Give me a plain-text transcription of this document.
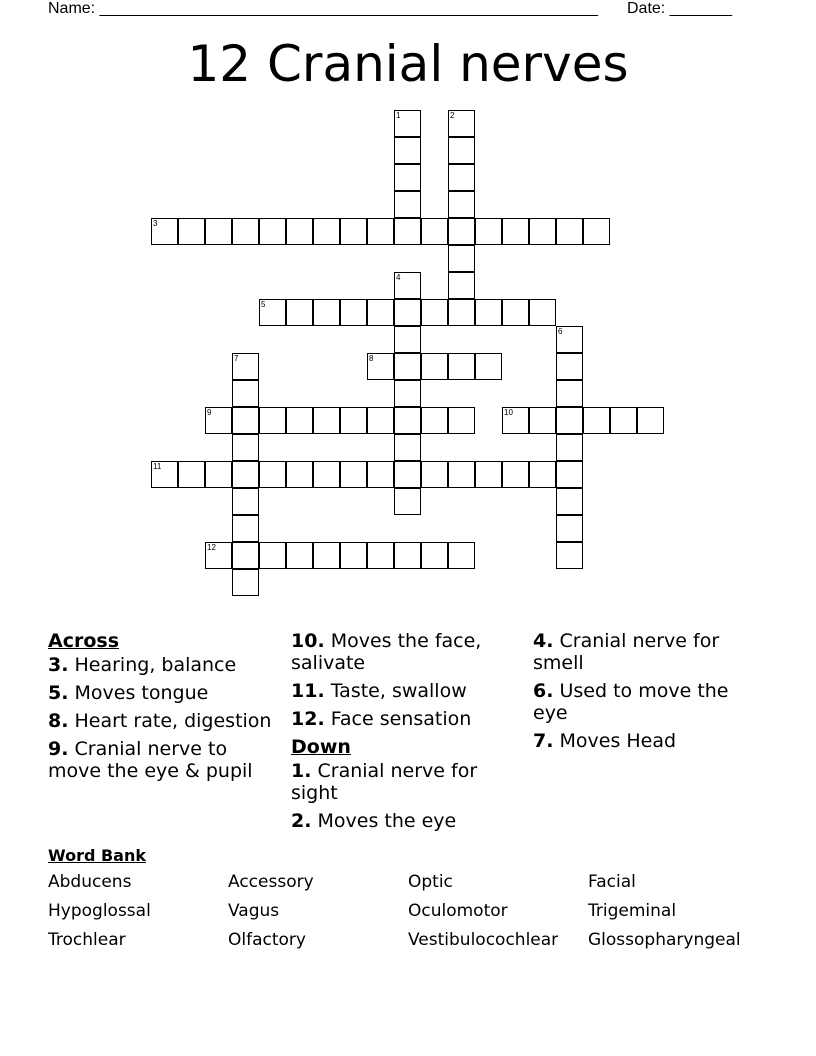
Name: ________________________________________________________ Date: _______
12 Cranial nerves
1	2
3
4
5
6
7	8
9	10
11
12
Across
3. Hearing, balance
5. Moves tongue
8. Heart rate, digestion
9. Cranial nerve to move the eye & pupil
10. Moves the face, salivate
11. Taste, swallow
12. Face sensation
Down
1. Cranial nerve for sight
2. Moves the eye
4. Cranial nerve for smell
6. Used to move the eye
7. Moves Head
Word Bank
Abducens	Accessory	Optic	Facial
Hypoglossal	Vagus	Oculomotor	Trigeminal
Trochlear	Olfactory	Vestibulocochlear Glossopharyngeal
